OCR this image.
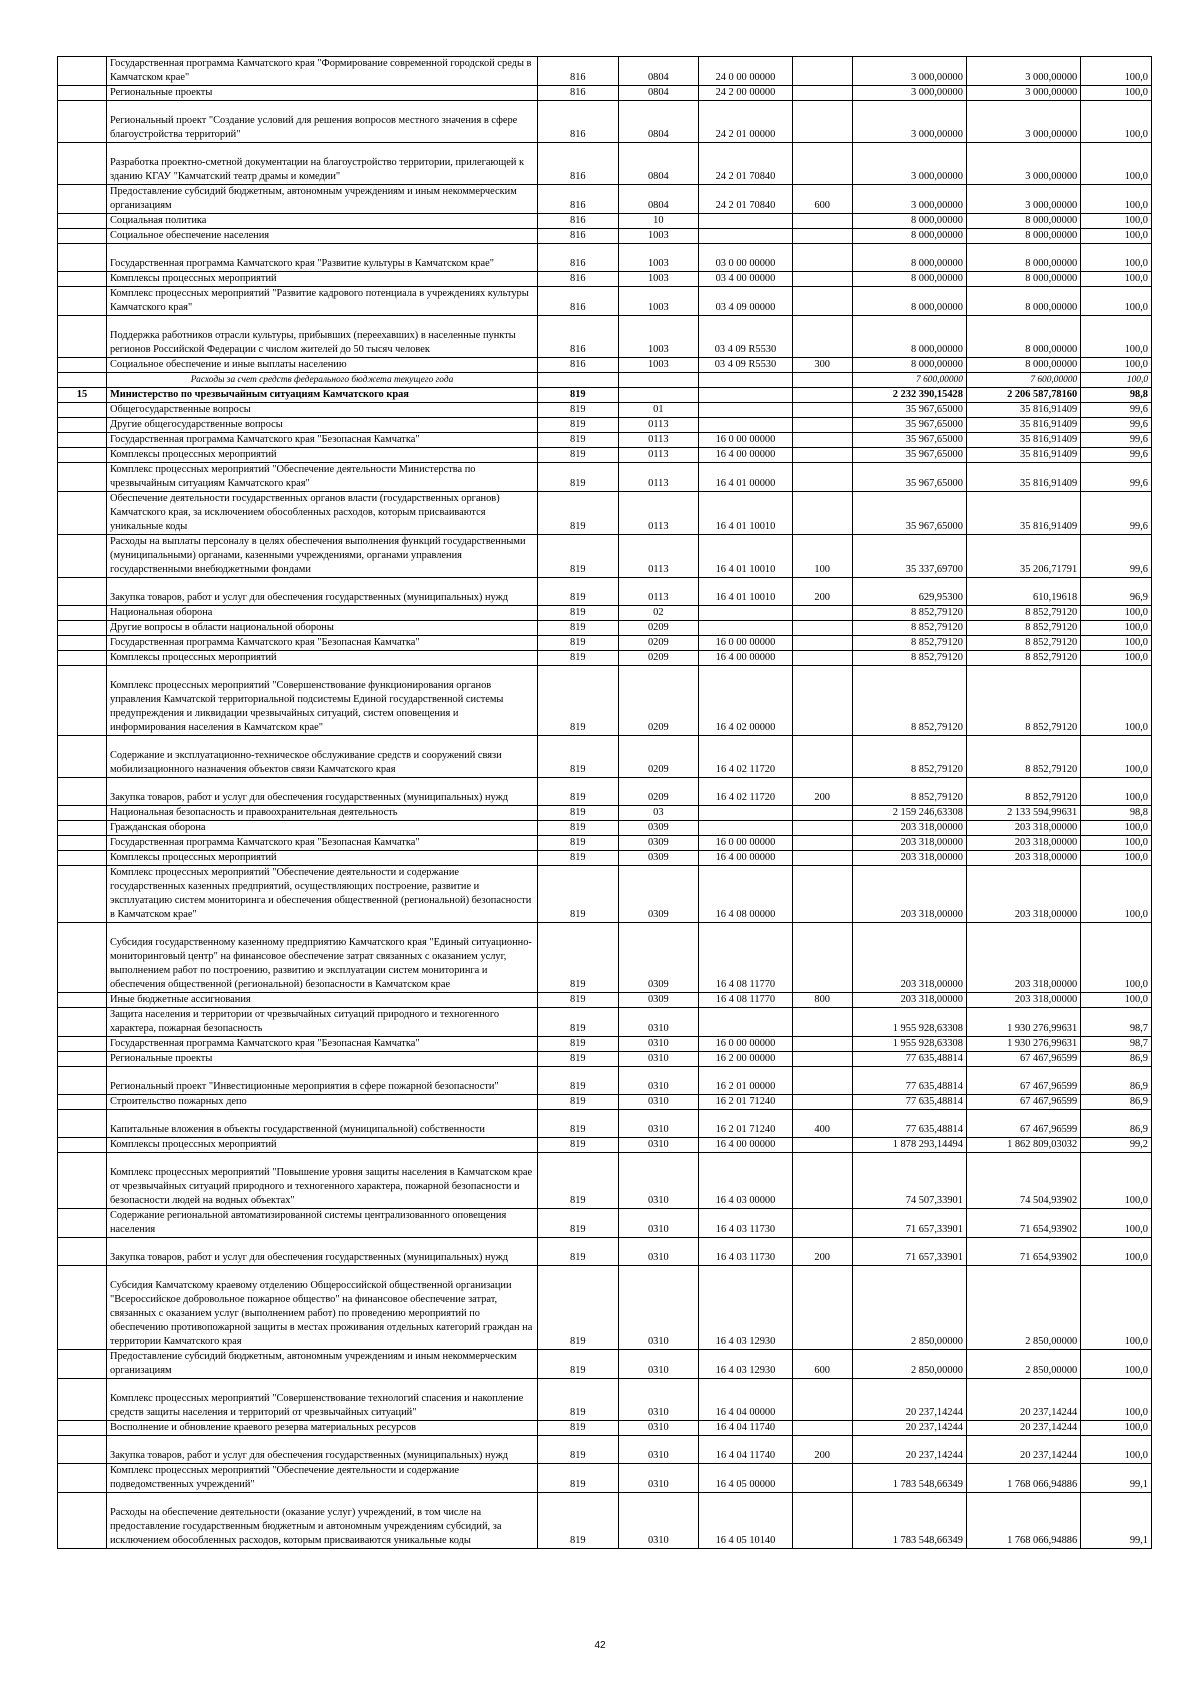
	Государственная программа Камчатского края "Формирование современной городской среды в Камчатском крае"	816	0804	24 0 00 00000		3 000,00000	3 000,00000	100,0
	Региональные проекты	816	0804	24 2 00 00000		3 000,00000	3 000,00000	100,0
	Региональный проект "Создание условий для решения вопросов местного значения в сфере благоустройства территорий"	816	0804	24 2 01 00000		3 000,00000	3 000,00000	100,0
	Разработка проектно-сметной документации на благоустройство территории, прилегающей к зданию КГАУ "Камчатский театр драмы и комедии"	816	0804	24 2 01 70840		3 000,00000	3 000,00000	100,0
	Предоставление субсидий бюджетным, автономным учреждениям и иным некоммерческим организациям	816	0804	24 2 01 70840	600	3 000,00000	3 000,00000	100,0
	Социальная политика	816	10			8 000,00000	8 000,00000	100,0
	Социальное обеспечение населения	816	1003			8 000,00000	8 000,00000	100,0
	Государственная программа Камчатского края "Развитие культуры в Камчатском крае"	816	1003	03 0 00 00000		8 000,00000	8 000,00000	100,0
	Комплексы процессных мероприятий	816	1003	03 4 00 00000		8 000,00000	8 000,00000	100,0
	Комплекс процессных мероприятий "Развитие кадрового потенциала в учреждениях культуры Камчатского края"	816	1003	03 4 09 00000		8 000,00000	8 000,00000	100,0
	Поддержка работников отрасли культуры, прибывших (переехавших) в населенные пункты регионов Российской Федерации с числом жителей до 50 тысяч человек	816	1003	03 4 09 R5530		8 000,00000	8 000,00000	100,0
	Социальное обеспечение и иные выплаты населению	816	1003	03 4 09 R5530	300	8 000,00000	8 000,00000	100,0
	Расходы за счет средств федерального бюджета текущего года					7 600,00000	7 600,00000	100,0
15	Министерство по чрезвычайным ситуациям Камчатского края	819				2 232 390,15428	2 206 587,78160	98,8
	Общегосударственные вопросы	819	01			35 967,65000	35 816,91409	99,6
	Другие общегосударственные вопросы	819	0113			35 967,65000	35 816,91409	99,6
	Государственная программа Камчатского края "Безопасная Камчатка"	819	0113	16 0 00 00000		35 967,65000	35 816,91409	99,6
	Комплексы процессных мероприятий	819	0113	16 4 00 00000		35 967,65000	35 816,91409	99,6
	Комплекс процессных мероприятий "Обеспечение деятельности Министерства по чрезвычайным ситуациям Камчатского края"	819	0113	16 4 01 00000		35 967,65000	35 816,91409	99,6
	Обеспечение деятельности государственных органов власти (государственных органов) Камчатского края, за исключением обособленных расходов, которым присваиваются уникальные коды	819	0113	16 4 01 10010		35 967,65000	35 816,91409	99,6
	Расходы на выплаты персоналу в целях обеспечения выполнения функций государственными (муниципальными) органами, казенными учреждениями, органами управления государственными внебюджетными фондами	819	0113	16 4 01 10010	100	35 337,69700	35 206,71791	99,6
	Закупка товаров, работ и услуг для обеспечения государственных (муниципальных) нужд	819	0113	16 4 01 10010	200	629,95300	610,19618	96,9
	Национальная оборона	819	02			8 852,79120	8 852,79120	100,0
	Другие вопросы в области национальной обороны	819	0209			8 852,79120	8 852,79120	100,0
	Государственная программа Камчатского края "Безопасная Камчатка"	819	0209	16 0 00 00000		8 852,79120	8 852,79120	100,0
	Комплексы процессных мероприятий	819	0209	16 4 00 00000		8 852,79120	8 852,79120	100,0
	Комплекс процессных мероприятий "Совершенствование функционирования органов управления Камчатской территориальной подсистемы Единой государственной системы предупреждения и ликвидации чрезвычайных ситуаций, систем оповещения и информирования населения в Камчатском крае"	819	0209	16 4 02 00000		8 852,79120	8 852,79120	100,0
	Содержание и эксплуатационно-техническое обслуживание средств и сооружений связи мобилизационного назначения объектов связи Камчатского края	819	0209	16 4 02 11720		8 852,79120	8 852,79120	100,0
	Закупка товаров, работ и услуг для обеспечения государственных (муниципальных) нужд	819	0209	16 4 02 11720	200	8 852,79120	8 852,79120	100,0
	Национальная безопасность и правоохранительная деятельность	819	03			2 159 246,63308	2 133 594,99631	98,8
	Гражданская оборона	819	0309			203 318,00000	203 318,00000	100,0
	Государственная программа Камчатского края "Безопасная Камчатка"	819	0309	16 0 00 00000		203 318,00000	203 318,00000	100,0
	Комплексы процессных мероприятий	819	0309	16 4 00 00000		203 318,00000	203 318,00000	100,0
	Комплекс процессных мероприятий "Обеспечение деятельности и содержание государственных казенных предприятий, осуществляющих построение, развитие и эксплуатацию систем мониторинга и обеспечения общественной (региональной) безопасности в Камчатском крае"	819	0309	16 4 08 00000		203 318,00000	203 318,00000	100,0
	Субсидия государственному казенному предприятию Камчатского края "Единый ситуационно-мониторинговый центр" на финансовое обеспечение затрат связанных с оказанием услуг, выполнением работ по построению, развитию и эксплуатации систем мониторинга и обеспечения общественной (региональной) безопасности в Камчатском крае	819	0309	16 4 08 11770		203 318,00000	203 318,00000	100,0
	Иные бюджетные ассигнования	819	0309	16 4 08 11770	800	203 318,00000	203 318,00000	100,0
	Защита населения и территории от чрезвычайных ситуаций природного и техногенного характера, пожарная безопасность	819	0310			1 955 928,63308	1 930 276,99631	98,7
	Государственная программа Камчатского края "Безопасная Камчатка"	819	0310	16 0 00 00000		1 955 928,63308	1 930 276,99631	98,7
	Региональные проекты	819	0310	16 2 00 00000		77 635,48814	67 467,96599	86,9
	Региональный проект "Инвестиционные мероприятия в сфере пожарной безопасности"	819	0310	16 2 01 00000		77 635,48814	67 467,96599	86,9
	Строительство пожарных депо	819	0310	16 2 01 71240		77 635,48814	67 467,96599	86,9
	Капитальные вложения в объекты государственной (муниципальной) собственности	819	0310	16 2 01 71240	400	77 635,48814	67 467,96599	86,9
	Комплексы процессных мероприятий	819	0310	16 4 00 00000		1 878 293,14494	1 862 809,03032	99,2
	Комплекс процессных мероприятий "Повышение уровня защиты населения в Камчатском крае от чрезвычайных ситуаций природного и техногенного характера, пожарной безопасности и безопасности людей на водных объектах"	819	0310	16 4 03 00000		74 507,33901	74 504,93902	100,0
	Содержание региональной автоматизированной системы централизованного оповещения населения	819	0310	16 4 03 11730		71 657,33901	71 654,93902	100,0
	Закупка товаров, работ и услуг для обеспечения государственных (муниципальных) нужд	819	0310	16 4 03 11730	200	71 657,33901	71 654,93902	100,0
	Субсидия Камчатскому краевому отделению Общероссийской общественной организации "Всероссийское добровольное пожарное общество" на финансовое обеспечение затрат, связанных с оказанием услуг (выполнением работ) по проведению мероприятий по обеспечению противопожарной защиты в местах проживания отдельных категорий граждан на территории Камчатского края	819	0310	16 4 03 12930		2 850,00000	2 850,00000	100,0
	Предоставление субсидий бюджетным, автономным учреждениям и иным некоммерческим организациям	819	0310	16 4 03 12930	600	2 850,00000	2 850,00000	100,0
	Комплекс процессных мероприятий "Совершенствование технологий спасения и накопление средств защиты населения и территорий от чрезвычайных ситуаций"	819	0310	16 4 04 00000		20 237,14244	20 237,14244	100,0
	Восполнение и обновление краевого резерва материальных ресурсов	819	0310	16 4 04 11740		20 237,14244	20 237,14244	100,0
	Закупка товаров, работ и услуг для обеспечения государственных (муниципальных) нужд	819	0310	16 4 04 11740	200	20 237,14244	20 237,14244	100,0
	Комплекс процессных мероприятий "Обеспечение деятельности и содержание подведомственных учреждений"	819	0310	16 4 05 00000		1 783 548,66349	1 768 066,94886	99,1
	Расходы на обеспечение деятельности (оказание услуг) учреждений, в том числе на предоставление государственным бюджетным и автономным учреждениям субсидий, за исключением обособленных расходов, которым присваиваются уникальные коды	819	0310	16 4 05 10140		1 783 548,66349	1 768 066,94886	99,1
42
